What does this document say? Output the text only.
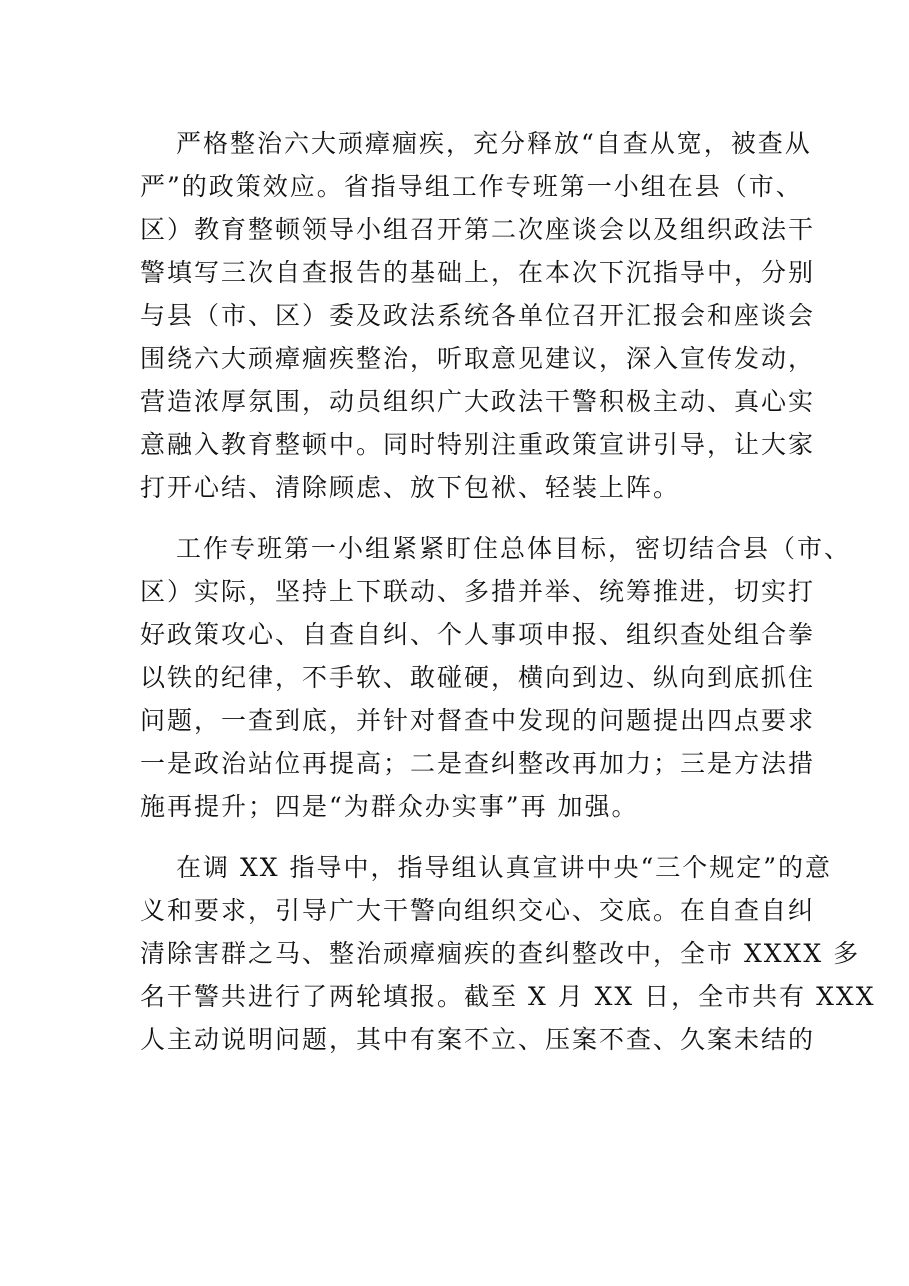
严格整治六大顽瘴痼疾，充分释放“自查从宽，被查从
严”的政策效应。省指导组工作专班第一小组在县（市、
区）教育整顿领导小组召开第二次座谈会以及组织政法干
警填写三次自查报告的基础上，在本次下沉指导中，分别
与县（市、区）委及政法系统各单位召开汇报会和座谈会
围绕六大顽瘴痼疾整治，听取意见建议，深入宣传发动，
营造浓厚氛围，动员组织广大政法干警积极主动、真心实
意融入教育整顿中。同时特别注重政策宣讲引导，让大家
打开心结、清除顾虑、放下包袱、轻装上阵。
工作专班第一小组紧紧盯住总体目标，密切结合县（市、
区）实际，坚持上下联动、多措并举、统筹推进，切实打
好政策攻心、自查自纠、个人事项申报、组织查处组合拳
以铁的纪律，不手软、敢碰硬，横向到边、纵向到底抓住
问题，一查到底，并针对督查中发现的问题提出四点要求
一是政治站位再提高；二是查纠整改再加力；三是方法措
施再提升；四是“为群众办实事”再 加强。
在调 XX 指导中，指导组认真宣讲中央“三个规定”的意
义和要求，引导广大干警向组织交心、交底。在自查自纠
清除害群之马、整治顽瘴痼疾的查纠整改中，全市 XXXX 多
名干警共进行了两轮填报。截至 X 月 XX 日，全市共有 XXX
人主动说明问题，其中有案不立、压案不查、久案未结的
